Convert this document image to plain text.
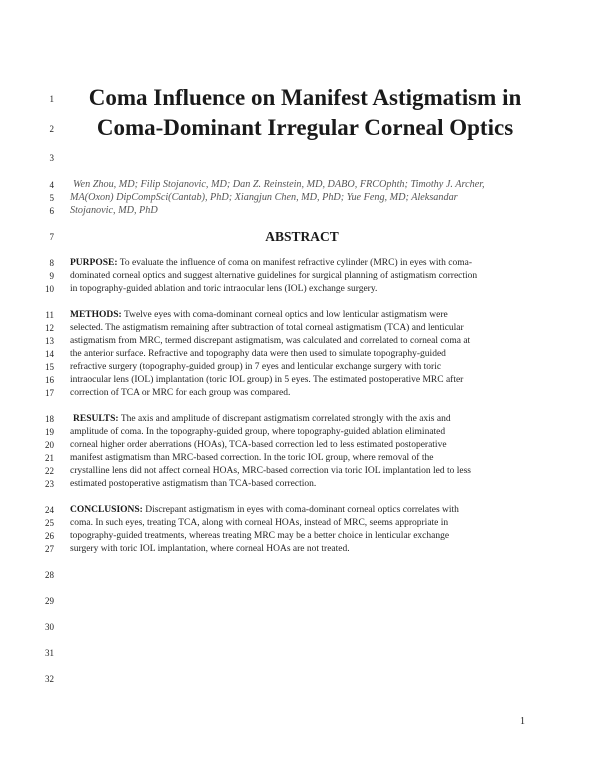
1
2
3
4
5
6
7
8
9
10
11
12
13
14
15
16
17
18
19
20
21
22
23
24
25
26
27
28
29
30
31
32
Coma Influence on Manifest Astigmatism in
Coma-Dominant Irregular Corneal Optics
Wen Zhou, MD; Filip Stojanovic, MD; Dan Z. Reinstein, MD, DABO, FRCOphth; Timothy J. Archer,
MA(Oxon) DipCompSci(Cantab), PhD; Xiangjun Chen, MD, PhD; Yue Feng, MD; Aleksandar
Stojanovic, MD, PhD
ABSTRACT
PURPOSE: To evaluate the influence of coma on manifest refractive cylinder (MRC) in eyes with coma-
dominated corneal optics and suggest alternative guidelines for surgical planning of astigmatism correction
in topography-guided ablation and toric intraocular lens (IOL) exchange surgery.
METHODS: Twelve eyes with coma-dominant corneal optics and low lenticular astigmatism were
selected. The astigmatism remaining after subtraction of total corneal astigmatism (TCA) and lenticular
astigmatism from MRC, termed discrepant astigmatism, was calculated and correlated to corneal coma at
the anterior surface. Refractive and topography data were then used to simulate topography-guided
refractive surgery (topography-guided group) in 7 eyes and lenticular exchange surgery with toric
intraocular lens (IOL) implantation (toric IOL group) in 5 eyes. The estimated postoperative MRC after
correction of TCA or MRC for each group was compared.
RESULTS: The axis and amplitude of discrepant astigmatism correlated strongly with the axis and
amplitude of coma. In the topography-guided group, where topography-guided ablation eliminated
corneal higher order aberrations (HOAs), TCA-based correction led to less estimated postoperative
manifest astigmatism than MRC-based correction. In the toric IOL group, where removal of the
crystalline lens did not affect corneal HOAs, MRC-based correction via toric IOL implantation led to less
estimated postoperative astigmatism than TCA-based correction.
CONCLUSIONS: Discrepant astigmatism in eyes with coma-dominant corneal optics correlates with
coma. In such eyes, treating TCA, along with corneal HOAs, instead of MRC, seems appropriate in
topography-guided treatments, whereas treating MRC may be a better choice in lenticular exchange
surgery with toric IOL implantation, where corneal HOAs are not treated.
1
